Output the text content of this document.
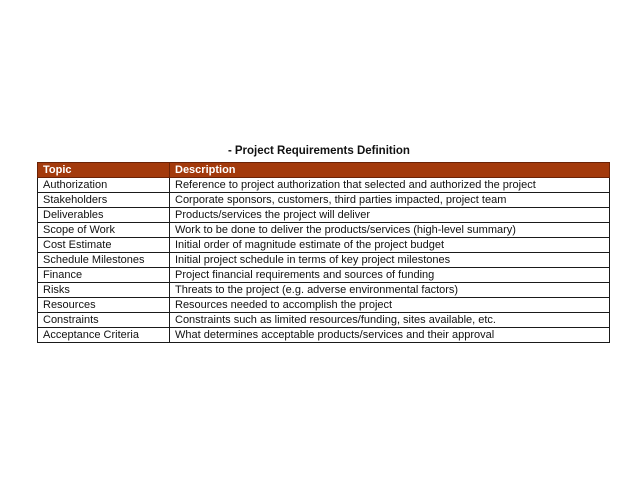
- Project Requirements Definition
Topic	Description
Authorization	Reference to project authorization that selected and authorized the project
Stakeholders	Corporate sponsors, customers, third parties impacted, project team
Deliverables	Products/services the project will deliver
Scope of Work	Work to be done to deliver the products/services (high-level summary)
Cost Estimate	Initial order of magnitude estimate of the project budget
Schedule Milestones	Initial project schedule in terms of key project milestones
Finance	Project financial requirements and sources of funding
Risks	Threats to the project (e.g. adverse environmental factors)
Resources	Resources needed to accomplish the project
Constraints	Constraints such as limited resources/funding, sites available, etc.
Acceptance Criteria	What determines acceptable products/services and their approval
